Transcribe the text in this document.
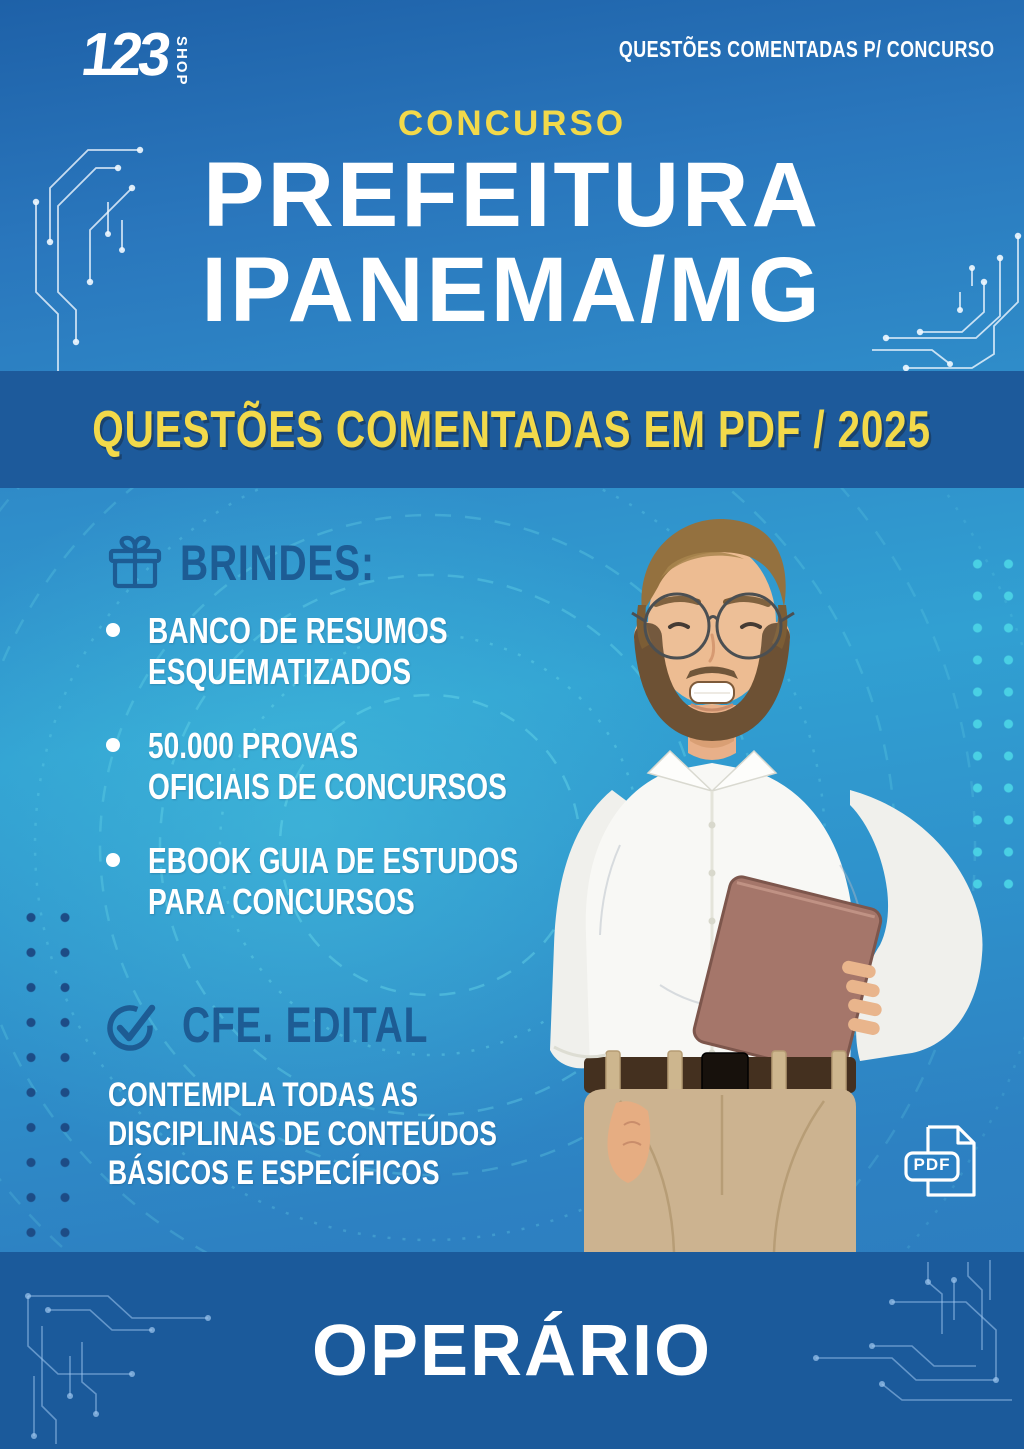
123 SHOP	QUESTÕES COMENTADAS P/ CONCURSO
CONCURSO
PREFEITURA
IPANEMA/MG
QUESTÕES COMENTADAS EM PDF / 2025
BRINDES:
BANCO DE RESUMOS
ESQUEMATIZADOS
50.000 PROVAS
OFICIAIS DE CONCURSOS
EBOOK GUIA DE ESTUDOS
PARA CONCURSOS
CFE. EDITAL
CONTEMPLA TODAS AS
DISCIPLINAS DE CONTEÚDOS
BÁSICOS E ESPECÍFICOS	PDF
OPERÁRIO
